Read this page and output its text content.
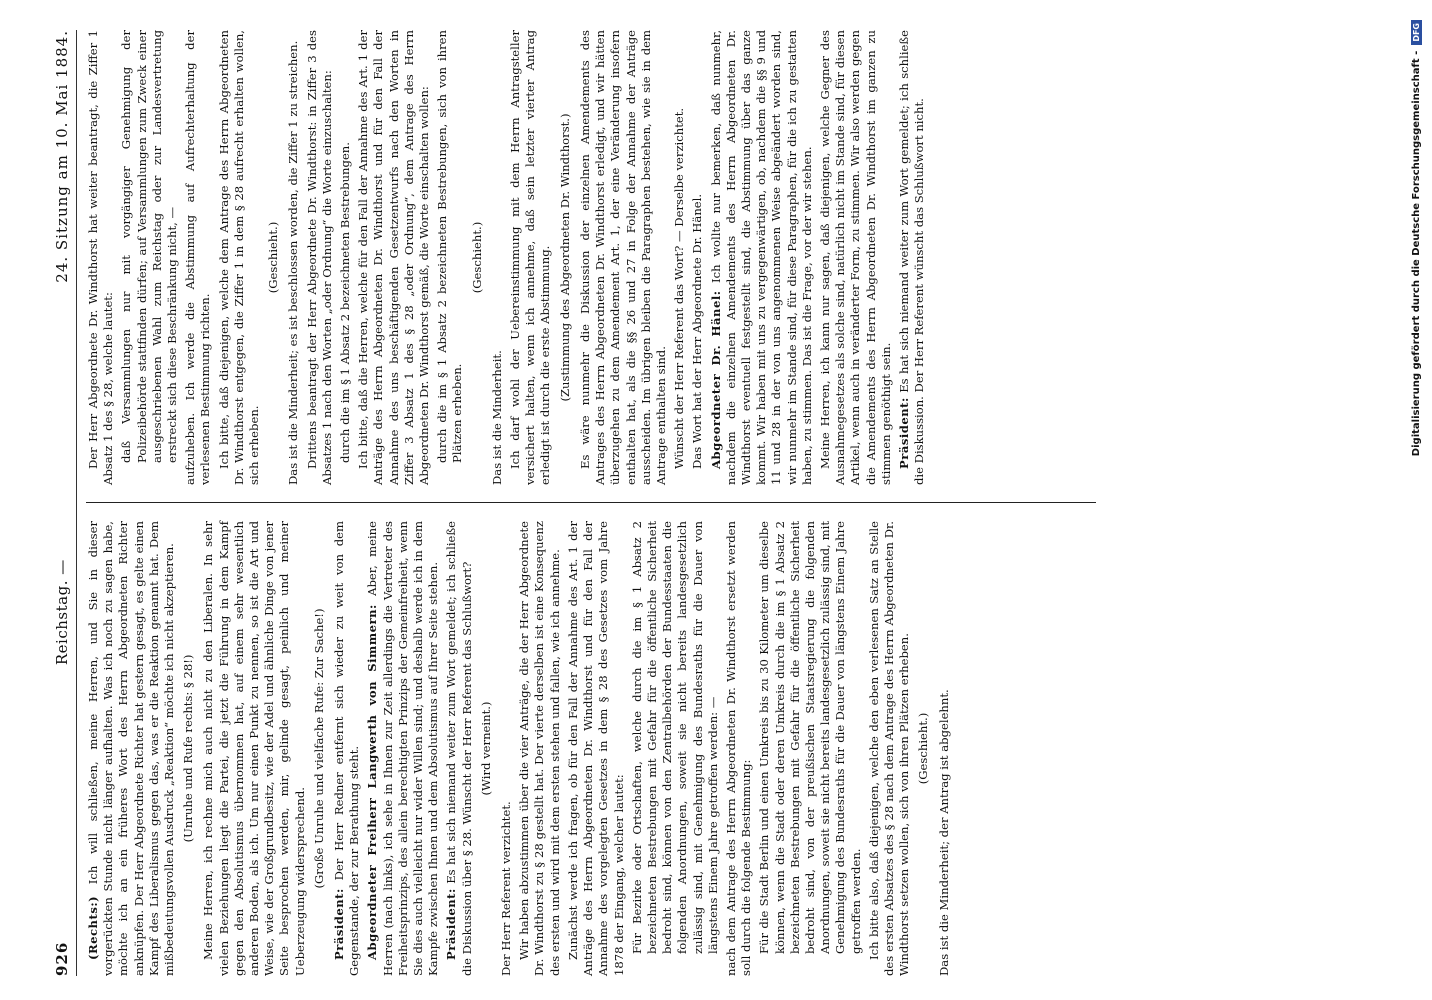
926
Reichstag. —
24. Sitzung am 10. Mai 1884.

(Rechts:) Ich will schließen, meine Herren, und Sie in dieser vorgerückten Stunde nicht länger aufhalten. Was ich noch zu sagen habe, möchte ich an ein früheres Wort des Herrn Abgeordneten Richter anknüpfen. Der Herr Abgeordnete Richter hat gestern gesagt, es gelte einen Kampf des Liberalismus gegen das, was er die Reaktion genannt hat. Dem mißbedeutungsvollen Ausdruck „Reaktion“ möchte ich nicht akzeptieren. (Unruhe und Rufe rechts: § 28!) Meine Herren, ich rechne mich auch nicht zu den Liberalen. In sehr vielen Beziehungen liegt die Partei, die jetzt die Führung in dem Kampf gegen den Absolutismus übernommen hat, auf einem sehr wesentlich anderen Boden, als ich. Um nur einen Punkt zu nennen, so ist die Art und Weise, wie der Großgrundbesitz, wie der Adel und ähnliche Dinge von jener Seite besprochen werden, mir, gelinde gesagt, peinlich und meiner Ueberzeugung widersprechend. (Große Unruhe und vielfache Rufe: Zur Sache!)

Präsident: Der Herr Redner entfernt sich wieder zu weit von dem Gegenstande, der zur Berathung steht. Abgeordneter Freiherr Langwerth von Simmern: Aber, meine Herren (nach links), ich sehe in Ihnen zur Zeit allerdings die Vertreter des Freiheitsprinzips, des allein berechtigten Prinzips der Gemeinfreiheit, wenn Sie dies auch vielleicht nur wider Willen sind; und deshalb werde ich in dem Kampfe zwischen Ihnen und dem Absolutismus auf Ihrer Seite stehen. Präsident: Es hat sich niemand weiter zum Wort gemeldet; ich schließe die Diskussion über § 28. Wünscht der Herr Referent das Schlußwort? (Wird verneint.)

Der Herr Referent verzichtet. Wir haben abzustimmen über die vier Anträge, die der Herr Abgeordnete Dr. Windthorst zu § 28 gestellt hat. Der vierte derselben ist eine Konsequenz des ersten und wird mit dem ersten stehen und fallen, wie ich annehme. Zunächst werde ich fragen, ob für den Fall der Annahme des Art. 1 der Anträge des Herrn Abgeordneten Dr. Windthorst und für den Fall der Annahme des vorgelegten Gesetzes in dem § 28 des Gesetzes vom Jahre 1878 der Eingang, welcher lautet: Für Bezirke oder Ortschaften, welche durch die im § 1 Absatz 2 bezeichneten Bestrebungen mit Gefahr für die öffentliche Sicherheit bedroht sind, können von den Zentralbehörden der Bundesstaaten die folgenden Anordnungen, soweit sie nicht bereits landesgesetzlich zulässig sind, mit Genehmigung des Bundesraths für die Dauer von längstens Einem Jahre getroffen werden: — nach dem Antrage des Herrn Abgeordneten Dr. Windthorst ersetzt werden soll durch die folgende Bestimmung: Für die Stadt Berlin und einen Umkreis bis zu 30 Kilometer um dieselbe können, wenn die Stadt oder deren Umkreis durch die im § 1 Absatz 2 bezeichneten Bestrebungen mit Gefahr für die öffentliche Sicherheit bedroht sind, von der preußischen Staatsregierung die folgenden Anordnungen, soweit sie nicht bereits landesgesetzlich zulässig sind, mit Genehmigung des Bundesraths für die Dauer von längstens Einem Jahre getroffen werden. Ich bitte also, daß diejenigen, welche den eben verlesenen Satz an Stelle des ersten Absatzes des § 28 nach dem Antrage des Herrn Abgeordneten Dr. Windthorst setzen wollen, sich von ihren Plätzen erheben. (Geschieht.) Das ist die Minderheit; der Antrag ist abgelehnt.

Der Herr Abgeordnete Dr. Windthorst hat weiter beantragt, die Ziffer 1 Absatz 1 des § 28, welche lautet: daß Versammlungen nur mit vorgängiger Genehmigung der Polizeibehörde stattfinden dürfen; auf Versammlungen zum Zweck einer ausgeschriebenen Wahl zum Reichstag oder zur Landesvertretung erstreckt sich diese Beschränkung nicht, — aufzuheben. Ich werde die Abstimmung auf Aufrechterhaltung der verlesenen Bestimmung richten. Ich bitte, daß diejenigen, welche dem Antrage des Herrn Abgeordneten Dr. Windthorst entgegen, die Ziffer 1 in dem § 28 aufrecht erhalten wollen, sich erheben.

(Geschieht.) Das ist die Minderheit; es ist beschlossen worden, die Ziffer 1 zu streichen. Drittens beantragt der Herr Abgeordnete Dr. Windthorst: in Ziffer 3 des Absatzes 1 nach den Worten „oder Ordnung“ die Worte einzuschalten: durch die im § 1 Absatz 2 bezeichneten Bestrebungen. Ich bitte, daß die Herren, welche für den Fall der Annahme des Art. 1 der Anträge des Herrn Abgeordneten Dr. Windthorst und für den Fall der Annahme des uns beschäftigenden Gesetzentwurfs nach den Worten in Ziffer 3 Absatz 1 des § 28 „oder Ordnung“, dem Antrage des Herrn Abgeordneten Dr. Windthorst gemäß, die Worte einschalten wollen: durch die im § 1 Absatz 2 bezeichneten Bestrebungen, sich von ihren Plätzen erheben.

(Geschieht.)

Das ist die Minderheit. Ich darf wohl der Uebereinstimmung mit dem Herrn Antragsteller versichert halten, wenn ich annehme, daß sein letzter vierter Antrag erledigt ist durch die erste Abstimmung. (Zustimmung des Abgeordneten Dr. Windthorst.) Es wäre nunmehr die Diskussion der einzelnen Amendements des Antrages des Herrn Abgeordneten Dr. Windthorst erledigt, und wir hätten überzugehen zu dem Amendement Art. 1, der eine Veränderung insofern enthalten hat, als die §§ 26 und 27 in Folge der Annahme der Anträge ausscheiden. Im übrigen bleiben die Paragraphen bestehen, wie sie in dem Antrage enthalten sind. Wünscht der Herr Referent das Wort? — Derselbe verzichtet. Das Wort hat der Herr Abgeordnete Dr. Hänel. Abgeordneter Dr. Hänel: Ich wollte nur bemerken, daß nunmehr, nachdem die einzelnen Amendements des Herrn Abgeordneten Dr. Windthorst eventuell festgestellt sind, die Abstimmung über das ganze kommt. Wir haben mit uns zu vergegenwärtigen, ob, nachdem die §§ 9 und 11 und 28 in der von uns angenommenen Weise abgeändert worden sind, wir nunmehr im Stande sind, für diese Paragraphen, für die ich zu gestatten haben, zu stimmen. Das ist die Frage, vor der wir stehen. Meine Herren, ich kann nur sagen, daß diejenigen, welche Gegner des Ausnahmegesetzes als solche sind, natürlich nicht im Stande sind, für diesen Artikel, wenn auch in veränderter Form, zu stimmen. Wir also werden gegen die Amendements des Herrn Abgeordneten Dr. Windthorst im ganzen zu stimmen genöthigt sein. Präsident: Es hat sich niemand weiter zum Wort gemeldet; ich schließe die Diskussion. Der Herr Referent wünscht das Schlußwort nicht.	Digitalisierung gefördert durch die Deutsche Forschungsgemeinschaft -
DFG
